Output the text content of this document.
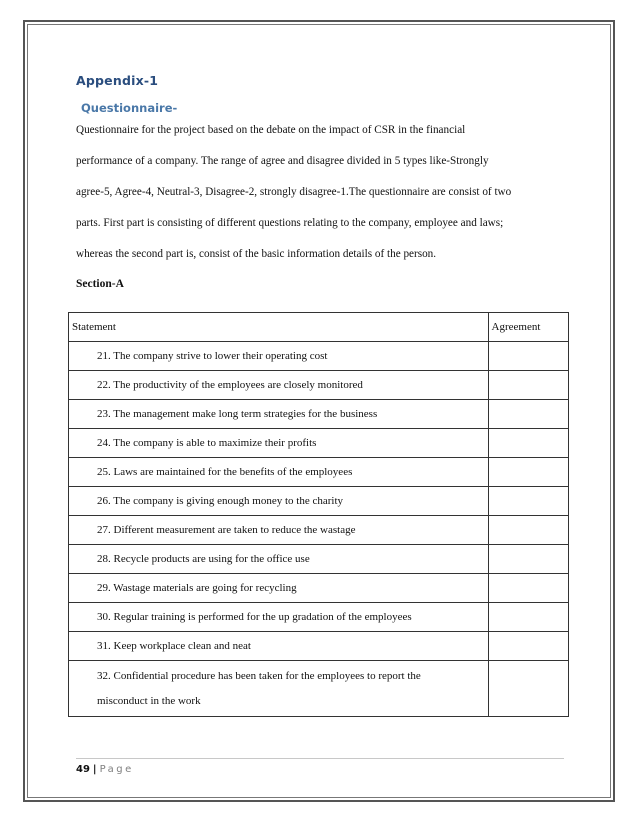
Appendix-1
Questionnaire-
Questionnaire for the project based on the debate on the impact of CSR in the financial
performance of a company. The range of agree and disagree divided in 5 types like-Strongly
agree-5, Agree-4, Neutral-3, Disagree-2, strongly disagree-1.The questionnaire are consist of two
parts. First part is consisting of different questions relating to the company, employee and laws;
whereas the second part is, consist of the basic information details of the person.
Section-A
Statement	Agreement

21. The company strive to lower their operating cost	

22. The productivity of the employees are closely monitored	

23. The management make long term strategies for the business	

24. The company is able to maximize their profits	

25. Laws are maintained for the benefits of the employees	

26. The company is giving enough money to the charity	

27. Different measurement are taken to reduce the wastage	

28. Recycle products are using for the office use	

29. Wastage materials are going for recycling	

30. Regular training is performed for the up gradation of the employees	

31. Keep workplace clean and neat	

32. Confidential procedure has been taken for the employees to report the
misconduct in the work	

49 | Page
